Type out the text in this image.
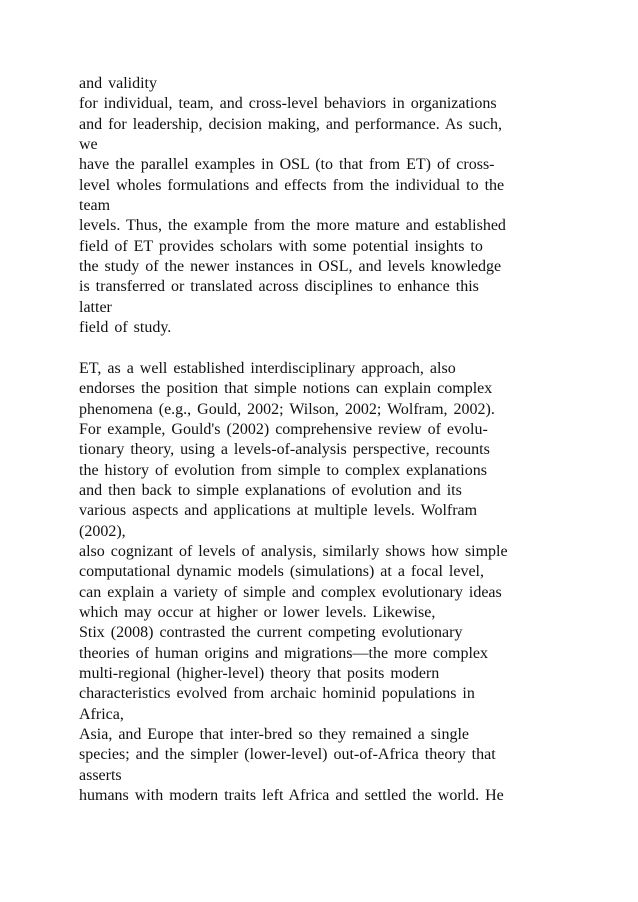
and validity
for individual, team, and cross-level behaviors in organizations
and for leadership, decision making, and performance. As such,
we
have the parallel examples in OSL (to that from ET) of cross-
level wholes formulations and effects from the individual to the
team
levels. Thus, the example from the more mature and established
field of ET provides scholars with some potential insights to
the study of the newer instances in OSL, and levels knowledge
is transferred or translated across disciplines to enhance this
latter
field of study.
ET, as a well established interdisciplinary approach, also
endorses the position that simple notions can explain complex
phenomena (e.g., Gould, 2002; Wilson, 2002; Wolfram, 2002).
For example, Gould's (2002) comprehensive review of evolu-
tionary theory, using a levels-of-analysis perspective, recounts
the history of evolution from simple to complex explanations
and then back to simple explanations of evolution and its
various aspects and applications at multiple levels. Wolfram
(2002),
also cognizant of levels of analysis, similarly shows how simple
computational dynamic models (simulations) at a focal level,
can explain a variety of simple and complex evolutionary ideas
which may occur at higher or lower levels. Likewise,
Stix (2008) contrasted the current competing evolutionary
theories of human origins and migrations—the more complex
multi-regional (higher-level) theory that posits modern
characteristics evolved from archaic hominid populations in
Africa,
Asia, and Europe that inter-bred so they remained a single
species; and the simpler (lower-level) out-of-Africa theory that
asserts
humans with modern traits left Africa and settled the world. He
